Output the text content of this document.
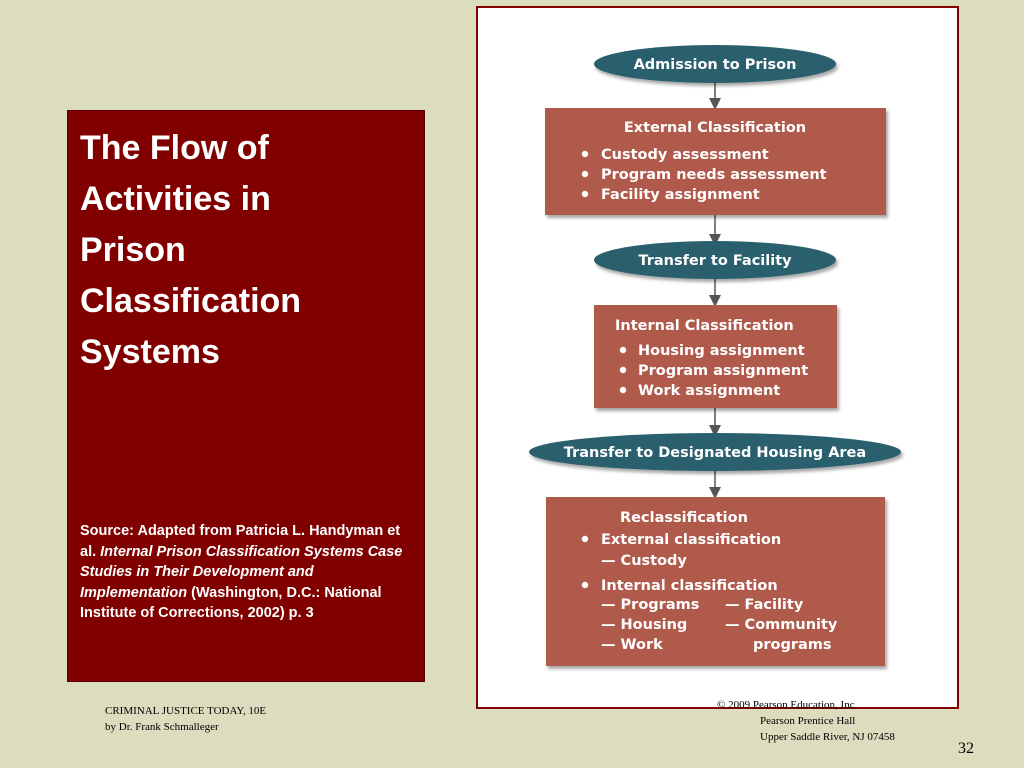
The Flow of
Activities in
Prison
Classification
Systems
Source: Adapted from Patricia L. Handyman et al. Internal Prison Classification Systems Case Studies in Their Development and Implementation (Washington, D.C.: National Institute of Corrections, 2002) p. 3
Admission to Prison
External Classification
Custody assessment
Program needs assessment
Facility assignment
Transfer to Facility
Internal Classification
Housing assignment
Program assignment
Work assignment
Transfer to Designated Housing Area
Reclassification
External classification
— Custody
Internal classification
— Programs
— Housing
— Work
— Facility
— Community
programs
CRIMINAL JUSTICE TODAY, 10E
by Dr. Frank Schmalleger
© 2009 Pearson Education, Inc
Pearson Prentice Hall
Upper Saddle River, NJ 07458
32
